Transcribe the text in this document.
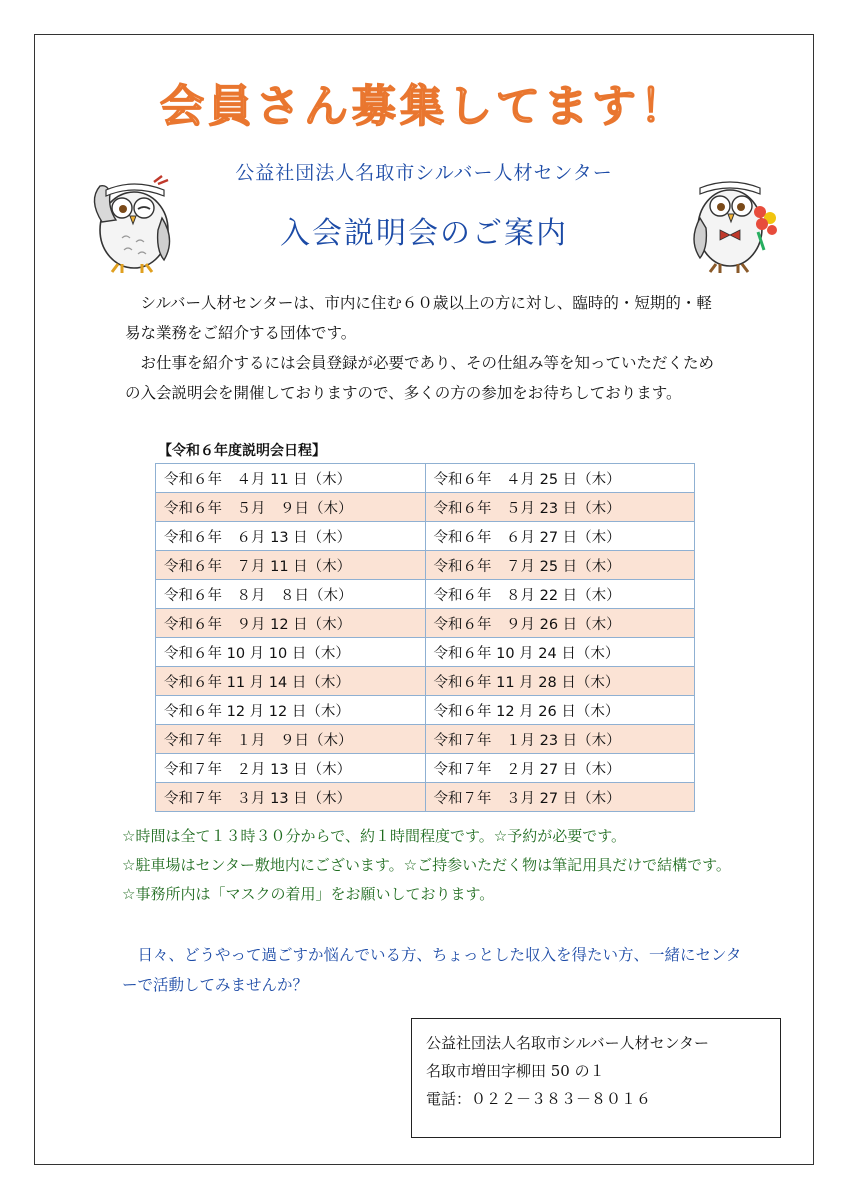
会員さん募集してます！
公益社団法人名取市シルバー人材センター
入会説明会のご案内

シルバー人材センターは、市内に住む６０歳以上の方に対し、臨時的・短期的・軽易な業務をご紹介する団体です。

お仕事を紹介するには会員登録が必要であり、その仕組み等を知っていただくための入会説明会を開催しておりますので、多くの方の参加をお待ちしております。

【令和６年度説明会日程】
令和６年　４月 11 日（木）	令和６年　４月 25 日（木）
令和６年　５月　９日（木）	令和６年　５月 23 日（木）
令和６年　６月 13 日（木）	令和６年　６月 27 日（木）
令和６年　７月 11 日（木）	令和６年　７月 25 日（木）
令和６年　８月　８日（木）	令和６年　８月 22 日（木）
令和６年　９月 12 日（木）	令和６年　９月 26 日（木）
令和６年 10 月 10 日（木）	令和６年 10 月 24 日（木）
令和６年 11 月 14 日（木）	令和６年 11 月 28 日（木）
令和６年 12 月 12 日（木）	令和６年 12 月 26 日（木）
令和７年　１月　９日（木）	令和７年　１月 23 日（木）
令和７年　２月 13 日（木）	令和７年　２月 27 日（木）
令和７年　３月 13 日（木）	令和７年　３月 27 日（木）

☆時間は全て１３時３０分からで、約１時間程度です。☆予約が必要です。

☆駐車場はセンター敷地内にございます。☆ご持参いただく物は筆記用具だけで結構です。☆事務所内は「マスクの着用」をお願いしております。

日々、どうやって過ごすか悩んでいる方、ちょっとした収入を得たい方、一緒にセンターで活動してみませんか？

公益社団法人名取市シルバー人材センター
名取市増田字柳田 50 の１
電話：０２２－３８３－８０１６
